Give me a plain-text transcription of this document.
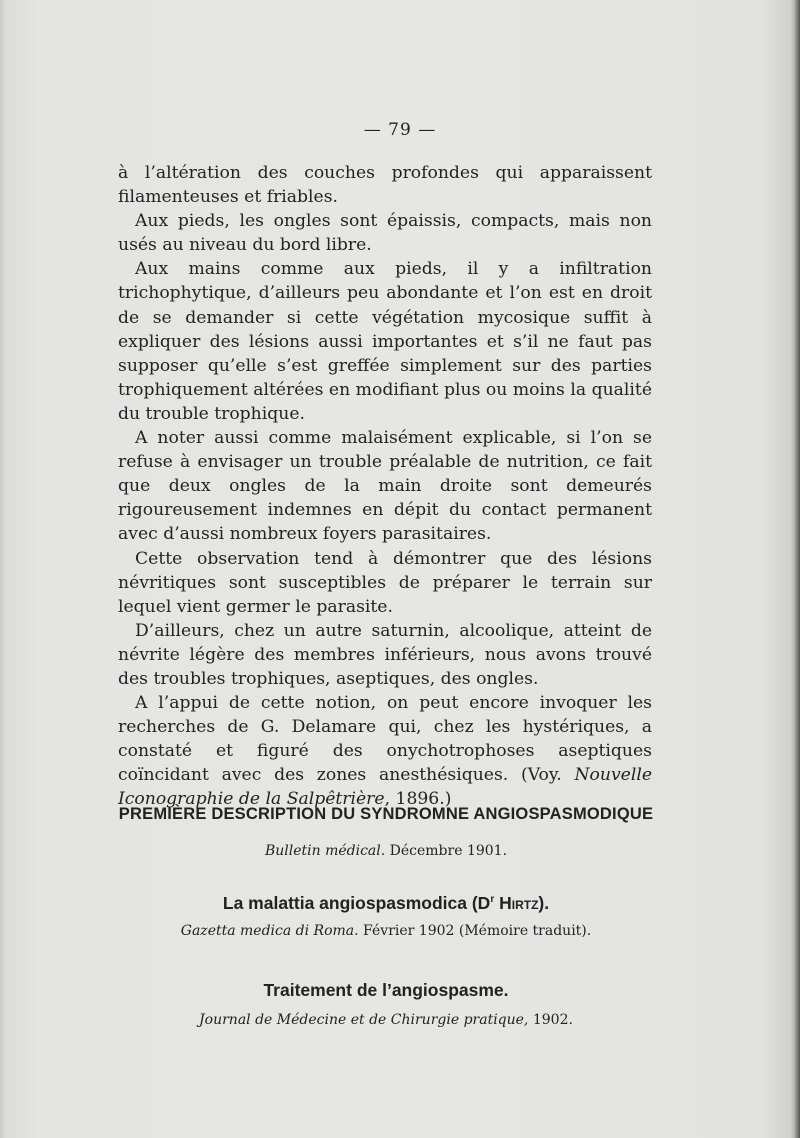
— 79 —

à l’altération des couches profondes qui apparaissent filamenteuses et friables.

Aux pieds, les ongles sont épaissis, compacts, mais non usés au niveau du bord libre.

Aux mains comme aux pieds, il y a infiltration trichophytique, d’ailleurs peu abondante et l’on est en droit de se demander si cette végétation mycosique suffit à expliquer des lésions aussi importantes et s’il ne faut pas supposer qu’elle s’est greffée simplement sur des parties trophiquement altérées en modifiant plus ou moins la qualité du trouble trophique.

A noter aussi comme malaisément explicable, si l’on se refuse à envisager un trouble préalable de nutrition, ce fait que deux ongles de la main droite sont demeurés rigoureusement indemnes en dépit du contact permanent avec d’aussi nombreux foyers parasitaires.

Cette observation tend à démontrer que des lésions névritiques sont susceptibles de préparer le terrain sur lequel vient germer le parasite.

D’ailleurs, chez un autre saturnin, alcoolique, atteint de névrite légère des membres inférieurs, nous avons trouvé des troubles trophiques, aseptiques, des ongles.

A l’appui de cette notion, on peut encore invoquer les recherches de G. Delamare qui, chez les hystériques, a constaté et figuré des onychotrophoses aseptiques coïncidant avec des zones anesthésiques. (Voy. Nouvelle Iconographie de la Salpêtrière, 1896.)

PREMIÈRE DESCRIPTION DU SYNDROMNE ANGIOSPASMODIQUE
Bulletin médical. Décembre 1901.
La malattia angiospasmodica ($D^r$ Hirtz).
Gazetta medica di Roma. Février 1902 (Mémoire traduit).
Traitement de l’angiospasme.
Journal de Médecine et de Chirurgie pratique, 1902.
